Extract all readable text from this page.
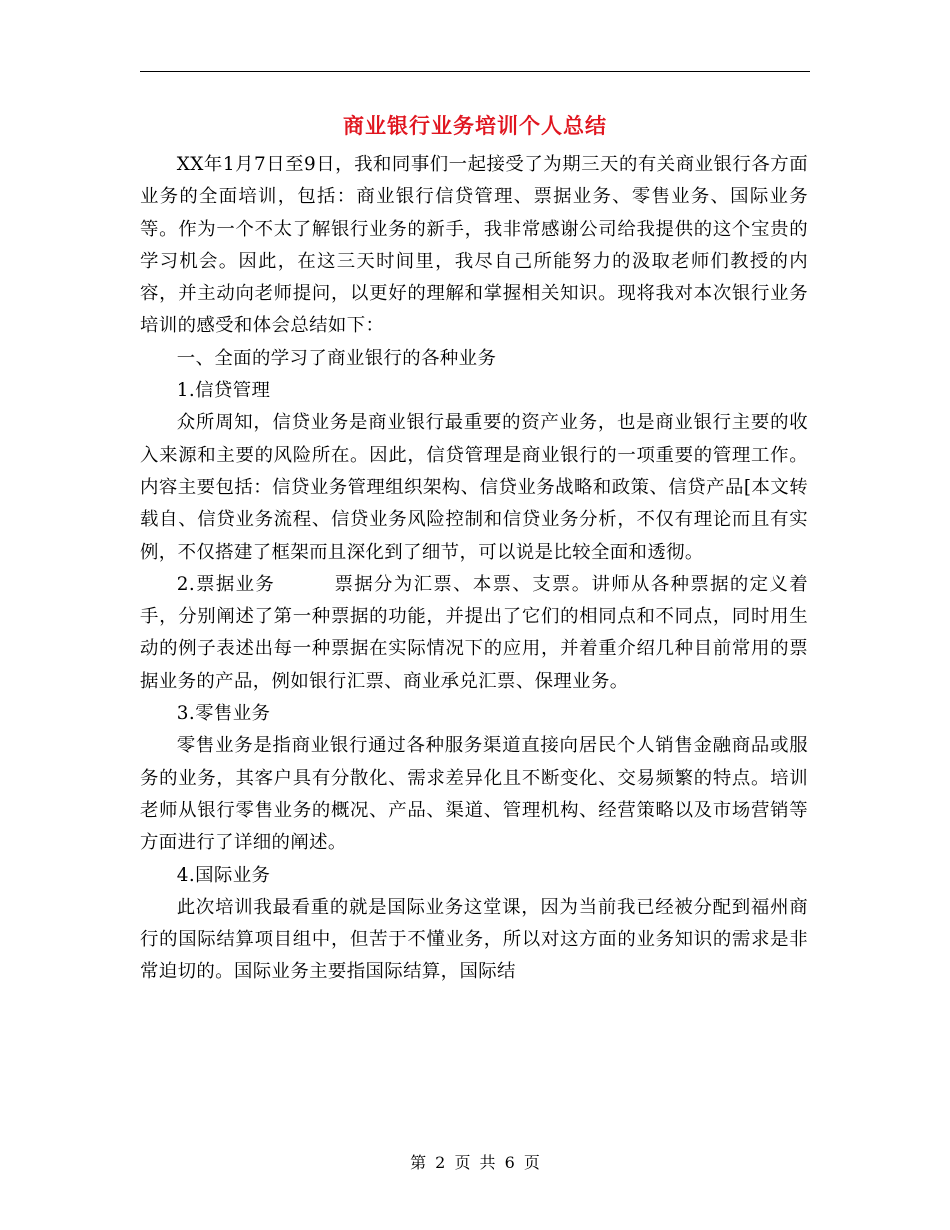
商业银行业务培训个人总结

XX年1月7日至9日，我和同事们一起接受了为期三天的有关商业银行各方面业务的全面培训，包括：商业银行信贷管理、票据业务、零售业务、国际业务等。作为一个不太了解银行业务的新手，我非常感谢公司给我提供的这个宝贵的学习机会。因此，在这三天时间里，我尽自己所能努力的汲取老师们教授的内容，并主动向老师提问，以更好的理解和掌握相关知识。现将我对本次银行业务培训的感受和体会总结如下：

一、全面的学习了商业银行的各种业务

1.信贷管理

众所周知，信贷业务是商业银行最重要的资产业务，也是商业银行主要的收入来源和主要的风险所在。因此，信贷管理是商业银行的一项重要的管理工作。内容主要包括：信贷业务管理组织架构、信贷业务战略和政策、信贷产品[本文转载自、信贷业务流程、信贷业务风险控制和信贷业务分析，不仅有理论而且有实例，不仅搭建了框架而且深化到了细节，可以说是比较全面和透彻。

2.票据业务　　　票据分为汇票、本票、支票。讲师从各种票据的定义着手，分别阐述了第一种票据的功能，并提出了它们的相同点和不同点，同时用生动的例子表述出每一种票据在实际情况下的应用，并着重介绍几种目前常用的票据业务的产品，例如银行汇票、商业承兑汇票、保理业务。

3.零售业务

零售业务是指商业银行通过各种服务渠道直接向居民个人销售金融商品或服务的业务，其客户具有分散化、需求差异化且不断变化、交易频繁的特点。培训老师从银行零售业务的概况、产品、渠道、管理机构、经营策略以及市场营销等方面进行了详细的阐述。

4.国际业务

此次培训我最看重的就是国际业务这堂课，因为当前我已经被分配到福州商行的国际结算项目组中，但苦于不懂业务，所以对这方面的业务知识的需求是非常迫切的。国际业务主要指国际结算，国际结

第 2 页 共 6 页
